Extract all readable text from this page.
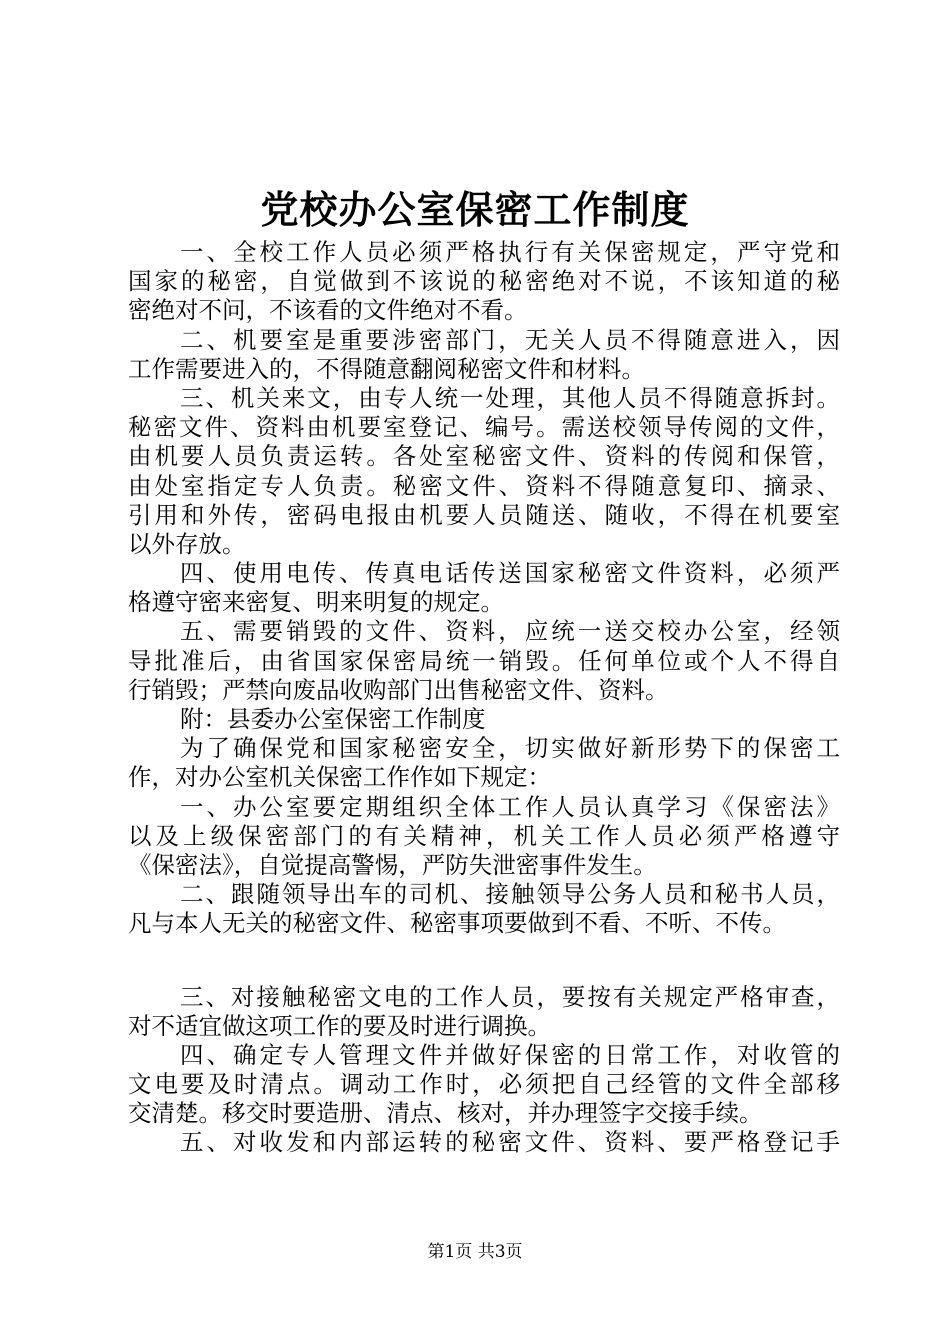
党校办公室保密工作制度
一、全校工作人员必须严格执行有关保密规定，严守党和
国家的秘密，自觉做到不该说的秘密绝对不说，不该知道的秘
密绝对不问，不该看的文件绝对不看。
二、机要室是重要涉密部门，无关人员不得随意进入，因
工作需要进入的，不得随意翻阅秘密文件和材料。
三、机关来文，由专人统一处理，其他人员不得随意拆封。
秘密文件、资料由机要室登记、编号。需送校领导传阅的文件，
由机要人员负责运转。各处室秘密文件、资料的传阅和保管，
由处室指定专人负责。秘密文件、资料不得随意复印、摘录、
引用和外传，密码电报由机要人员随送、随收，不得在机要室
以外存放。
四、使用电传、传真电话传送国家秘密文件资料，必须严
格遵守密来密复、明来明复的规定。
五、需要销毁的文件、资料，应统一送交校办公室，经领
导批准后，由省国家保密局统一销毁。任何单位或个人不得自
行销毁；严禁向废品收购部门出售秘密文件、资料。
附：县委办公室保密工作制度
为了确保党和国家秘密安全，切实做好新形势下的保密工
作，对办公室机关保密工作作如下规定：
一、办公室要定期组织全体工作人员认真学习《保密法》
以及上级保密部门的有关精神，机关工作人员必须严格遵守
《保密法》，自觉提高警惕，严防失泄密事件发生。
二、跟随领导出车的司机、接触领导公务人员和秘书人员，
凡与本人无关的秘密文件、秘密事项要做到不看、不听、不传。
三、对接触秘密文电的工作人员，要按有关规定严格审查，
对不适宜做这项工作的要及时进行调换。
四、确定专人管理文件并做好保密的日常工作，对收管的
文电要及时清点。调动工作时，必须把自己经管的文件全部移
交清楚。移交时要造册、清点、核对，并办理签字交接手续。
五、对收发和内部运转的秘密文件、资料、要严格登记手
第1页 共3页
